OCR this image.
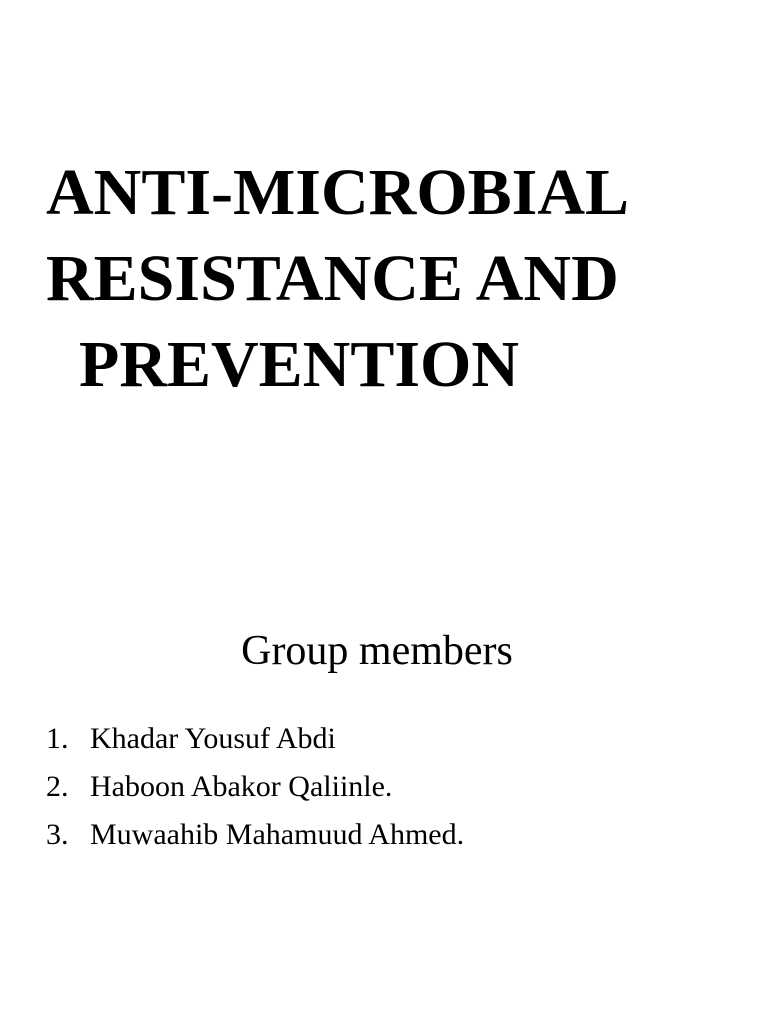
ANTI-MICROBIAL
RESISTANCE AND
PREVENTION
Group members
1. Khadar Yousuf Abdi
2. Haboon Abakor Qaliinle.
3. Muwaahib Mahamuud Ahmed.
